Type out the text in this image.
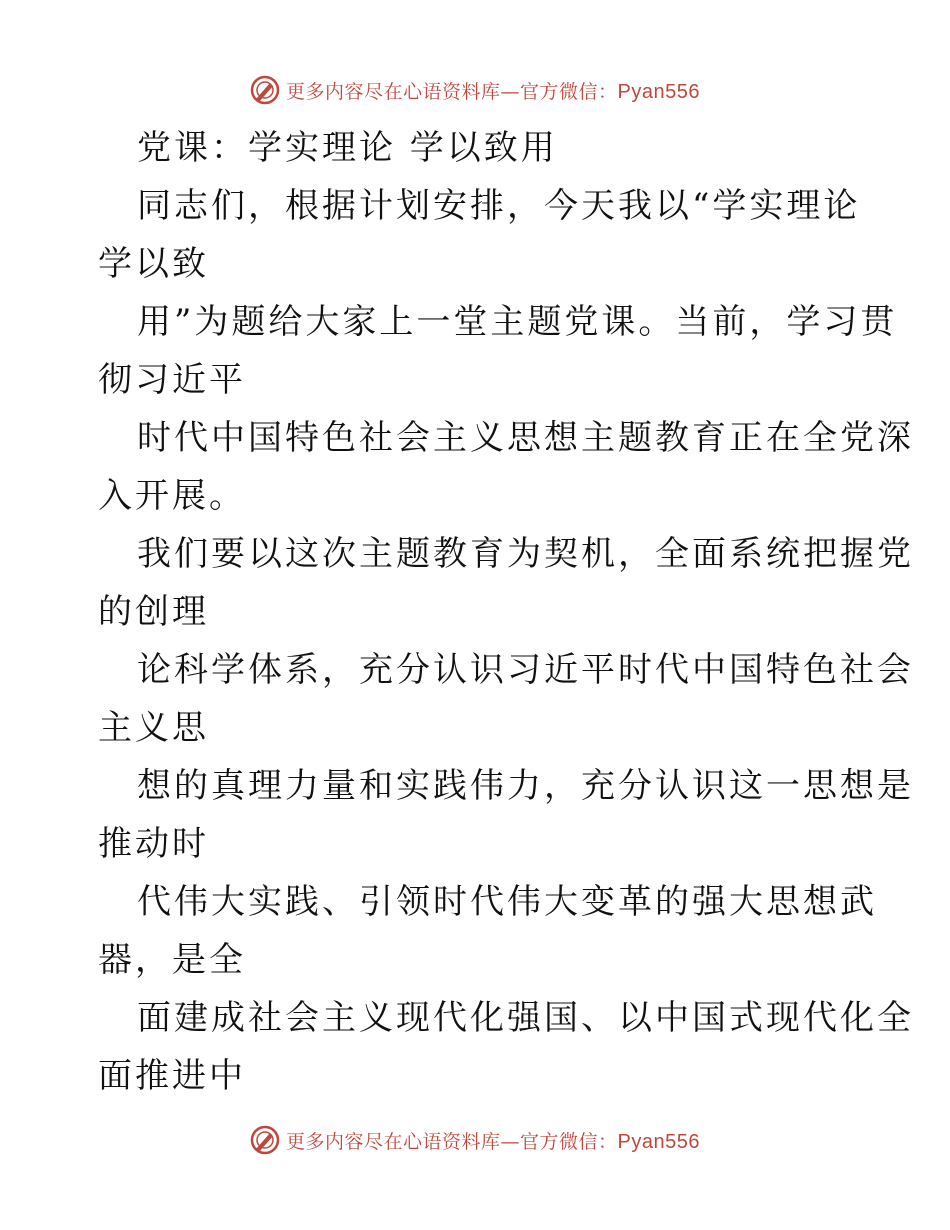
更多内容尽在心语资料库—官方微信：Pyan556
党课：学实理论 学以致用
同志们，根据计划安排，今天我以“学实理论
学以致
用”为题给大家上一堂主题党课。当前，学习贯
彻习近平
时代中国特色社会主义思想主题教育正在全党深
入开展。
我们要以这次主题教育为契机，全面系统把握党
的创理
论科学体系，充分认识习近平时代中国特色社会
主义思
想的真理力量和实践伟力，充分认识这一思想是
推动时
代伟大实践、引领时代伟大变革的强大思想武
器，是全
面建成社会主义现代化强国、以中国式现代化全
面推进中
更多内容尽在心语资料库—官方微信：Pyan556
